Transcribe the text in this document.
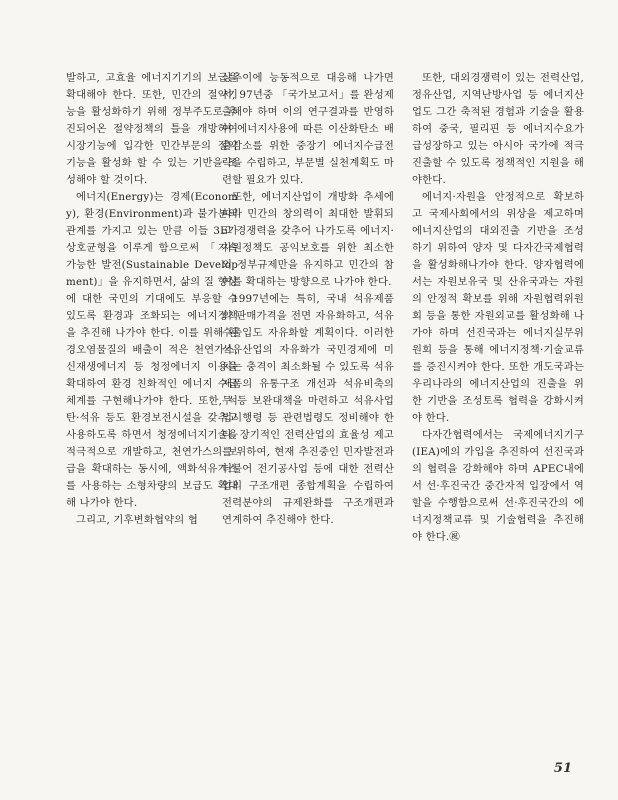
발하고, 고효율 에너지기기의 보급을 확대해야 한다. 또한, 민간의 절약기능을 활성화하기 위해 정부주도로 추진되어온 절약정책의 틀을 개방하여 시장기능에 입각한 민간부문의 절약기능을 활성화 할 수 있는 기반을 조성해야 할 것이다.

에너지(Energy)는 경제(Economy), 환경(Environment)과 불가분의 관계를 가지고 있는 만큼 이들 3E가 상호균형을 이루게 함으로써 「지속가능한 발전(Sustainable Development)」을 유지하면서, 삶의 질 향상에 대한 국민의 기대에도 부응할 수 있도록 환경과 조화되는 에너지정책을 추진해 나가야 한다. 이를 위해 환경오염물질의 배출이 적은 천연가스, 신재생에너지 등 청정에너지 이용을 확대하여 환경 친화적인 에너지 수급체계를 구현해나가야 한다. 또한, 석탄·석유 등도 환경보전시설을 갖추고 사용하도록 하면서 청정에너지기술을 적극적으로 개발하고, 천연가스의 보급을 확대하는 동시에, 액화석유가스를 사용하는 소형차량의 보급도 확대해 나가야 한다.

그리고, 기후변화협약의 협

상추이에 능동적으로 대응해 나가면서, 97년중 「국가보고서」를 완성제출해야 하며 이의 연구결과를 반영하여 에너지사용에 따른 이산화탄소 배출감소를 위한 중장기 에너지수급전략을 수립하고, 부문별 실천계획도 마련할 필요가 있다.

또한, 에너지산업이 개방화 추세에 따라 민간의 창의력이 최대한 발휘되고 경쟁력을 갖추어 나가도록 에너지·자원정책도 공익보호를 위한 최소한의 정부규제만을 유지하고 민간의 참여를 확대하는 방향으로 나가야 한다.

1997년에는 특히, 국내 석유제품의 판매가격을 전면 자유화하고, 석유 수출입도 자유화할 계획이다. 이러한 석유산업의 자유화가 국민경제에 미치는 충격이 최소화될 수 있도록 석유제품의 유통구조 개선과 석유비축의무 등 보완대책을 마련하고 석유사업법시행령 등 관련법령도 정비해야 한다. 장기적인 전력산업의 효율성 제고를 위하여, 현재 추진중인 민자발전과 더불어 전기공사업 등에 대한 전력산업의 구조개편 종합계획을 수립하여 전력분야의 규제완화를 구조개편과 연계하여 추진해야 한다.

또한, 대외경쟁력이 있는 전력산업, 정유산업, 지역난방사업 등 에너지산업도 그간 축적된 경험과 기술을 활용하여 중국, 필리핀 등 에너지수요가 급성장하고 있는 아시아 국가에 적극 진출할 수 있도록 정책적인 지원을 해야한다.

에너지·자원을 안정적으로 확보하고 국제사회에서의 위상을 제고하며 에너지산업의 대외진출 기반을 조성하기 위하여 양자 및 다자간국제협력을 활성화해나가야 한다. 양자협력에서는 자원보유국 및 산유국과는 자원의 안정적 확보를 위해 자원협력위원회 등을 통한 자원외교를 활성화해 나가야 하며 선진국과는 에너지실무위원회 등을 통해 에너지정책·기술교류를 증진시켜야 한다. 또한 개도국과는 우리나라의 에너지산업의 진출을 위한 기반을 조성토록 협력을 강화시켜야 한다.

다자간협력에서는 국제에너지기구(IEA)에의 가입을 추진하여 선진국과의 협력을 강화해야 하며 APEC내에서 선·후진국간 중간자적 입장에서 역할을 수행함으로써 선·후진국간의 에너지정책교류 및 기술협력을 추진해야 한다.㊗

51
